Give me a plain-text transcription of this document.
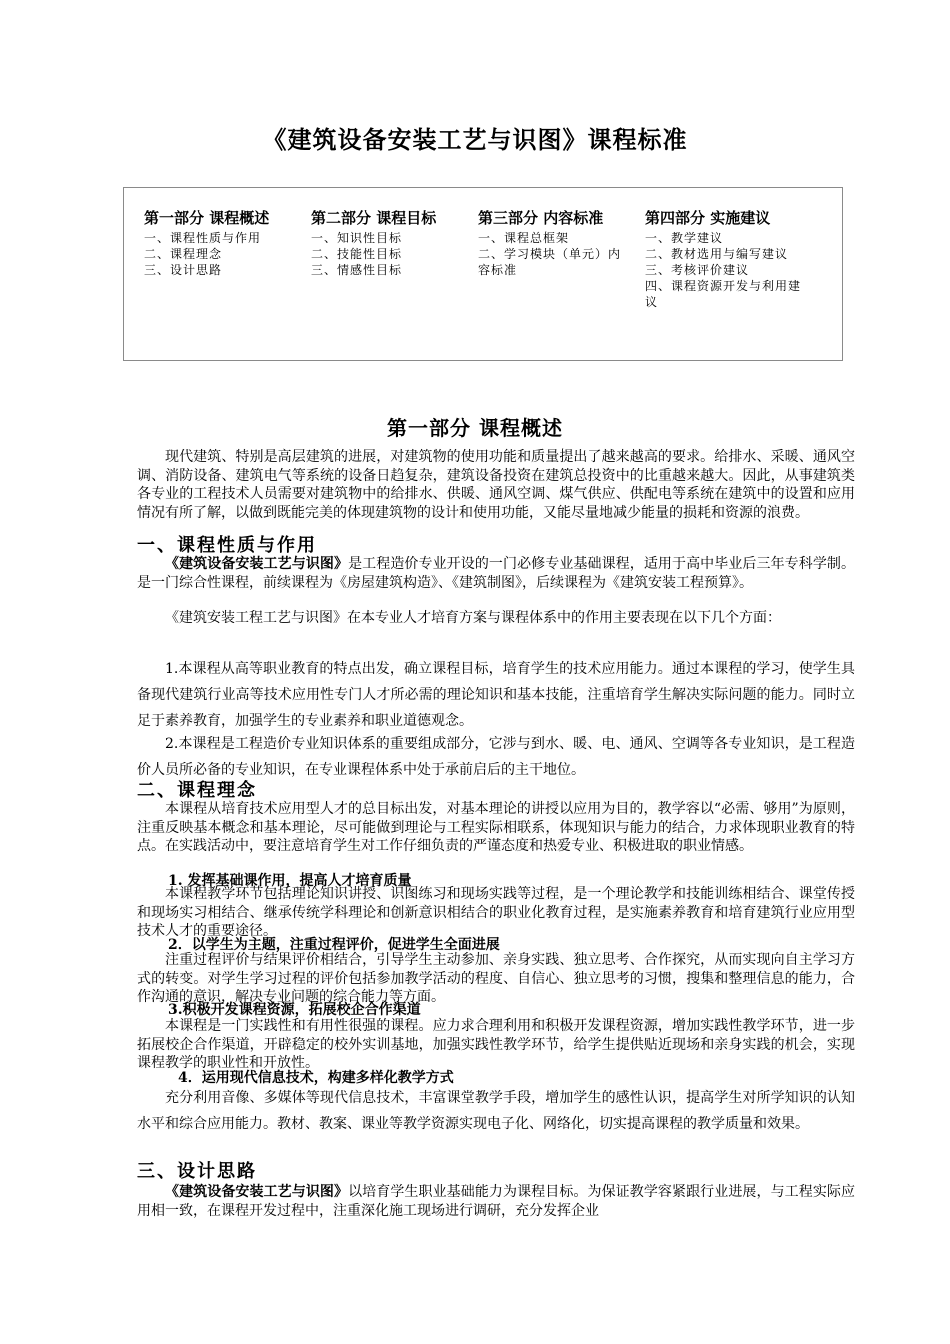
《建筑设备安装工艺与识图》课程标准
第一部分 课程概述
一、课程性质与作用
二、课程理念
三、设计思路
第二部分 课程目标
一、知识性目标
二、技能性目标
三、情感性目标
第三部分 内容标准
一、课程总框架
二、学习模块（单元）内容标准
第四部分 实施建议
一、教学建议
二、教材选用与编写建议
三、考核评价建议
四、课程资源开发与利用建议
第一部分 课程概述

现代建筑、特别是高层建筑的进展，对建筑物的使用功能和质量提出了越来越高的要求。给排水、采暖、通风空调、消防设备、建筑电气等系统的设备日趋复杂，建筑设备投资在建筑总投资中的比重越来越大。因此，从事建筑类各专业的工程技术人员需要对建筑物中的给排水、供暖、通风空调、煤气供应、供配电等系统在建筑中的设置和应用情况有所了解，以做到既能完美的体现建筑物的设计和使用功能，又能尽量地减少能量的损耗和资源的浪费。

一、课程性质与作用

《建筑设备安装工艺与识图》是工程造价专业开设的一门必修专业基础课程，适用于高中毕业后三年专科学制。是一门综合性课程，前续课程为《房屋建筑构造》、《建筑制图》，后续课程为《建筑安装工程预算》。

《建筑安装工程工艺与识图》在本专业人才培育方案与课程体系中的作用主要表现在以下几个方面：

1.本课程从高等职业教育的特点出发，确立课程目标，培育学生的技术应用能力。通过本课程的学习，使学生具备现代建筑行业高等技术应用性专门人才所必需的理论知识和基本技能，注重培育学生解决实际问题的能力。同时立足于素养教育，加强学生的专业素养和职业道德观念。

2.本课程是工程造价专业知识体系的重要组成部分，它涉与到水、暖、电、通风、空调等各专业知识，是工程造价人员所必备的专业知识，在专业课程体系中处于承前启后的主干地位。

二、课程理念

本课程从培育技术应用型人才的总目标出发，对基本理论的讲授以应用为目的，教学容以“必需、够用”为原则，注重反映基本概念和基本理论，尽可能做到理论与工程实际相联系，体现知识与能力的结合，力求体现职业教育的特点。在实践活动中，要注意培育学生对工作仔细负责的严谨态度和热爱专业、积极进取的职业情感。

1. 发挥基础课作用，提高人才培育质量

本课程教学环节包括理论知识讲授、识图练习和现场实践等过程，是一个理论教学和技能训练相结合、课堂传授和现场实习相结合、继承传统学科理论和创新意识相结合的职业化教育过程，是实施素养教育和培育建筑行业应用型技术人才的重要途径。

2．以学生为主题，注重过程评价，促进学生全面进展

注重过程评价与结果评价相结合，引导学生主动参加、亲身实践、独立思考、合作探究，从而实现向自主学习方式的转变。对学生学习过程的评价包括参加教学活动的程度、自信心、独立思考的习惯，搜集和整理信息的能力，合作沟通的意识，解决专业问题的综合能力等方面。

3.积极开发课程资源，拓展校企合作渠道

本课程是一门实践性和有用性很强的课程。应力求合理利用和积极开发课程资源，增加实践性教学环节，进一步拓展校企合作渠道，开辟稳定的校外实训基地，加强实践性教学环节，给学生提供贴近现场和亲身实践的机会，实现课程教学的职业性和开放性。

4．运用现代信息技术，构建多样化教学方式

充分利用音像、多媒体等现代信息技术，丰富课堂教学手段，增加学生的感性认识，提高学生对所学知识的认知水平和综合应用能力。教材、教案、课业等教学资源实现电子化、网络化，切实提高课程的教学质量和效果。

三、设计思路

《建筑设备安装工艺与识图》以培育学生职业基础能力为课程目标。为保证教学容紧跟行业进展，与工程实际应用相一致，在课程开发过程中，注重深化施工现场进行调研，充分发挥企业
